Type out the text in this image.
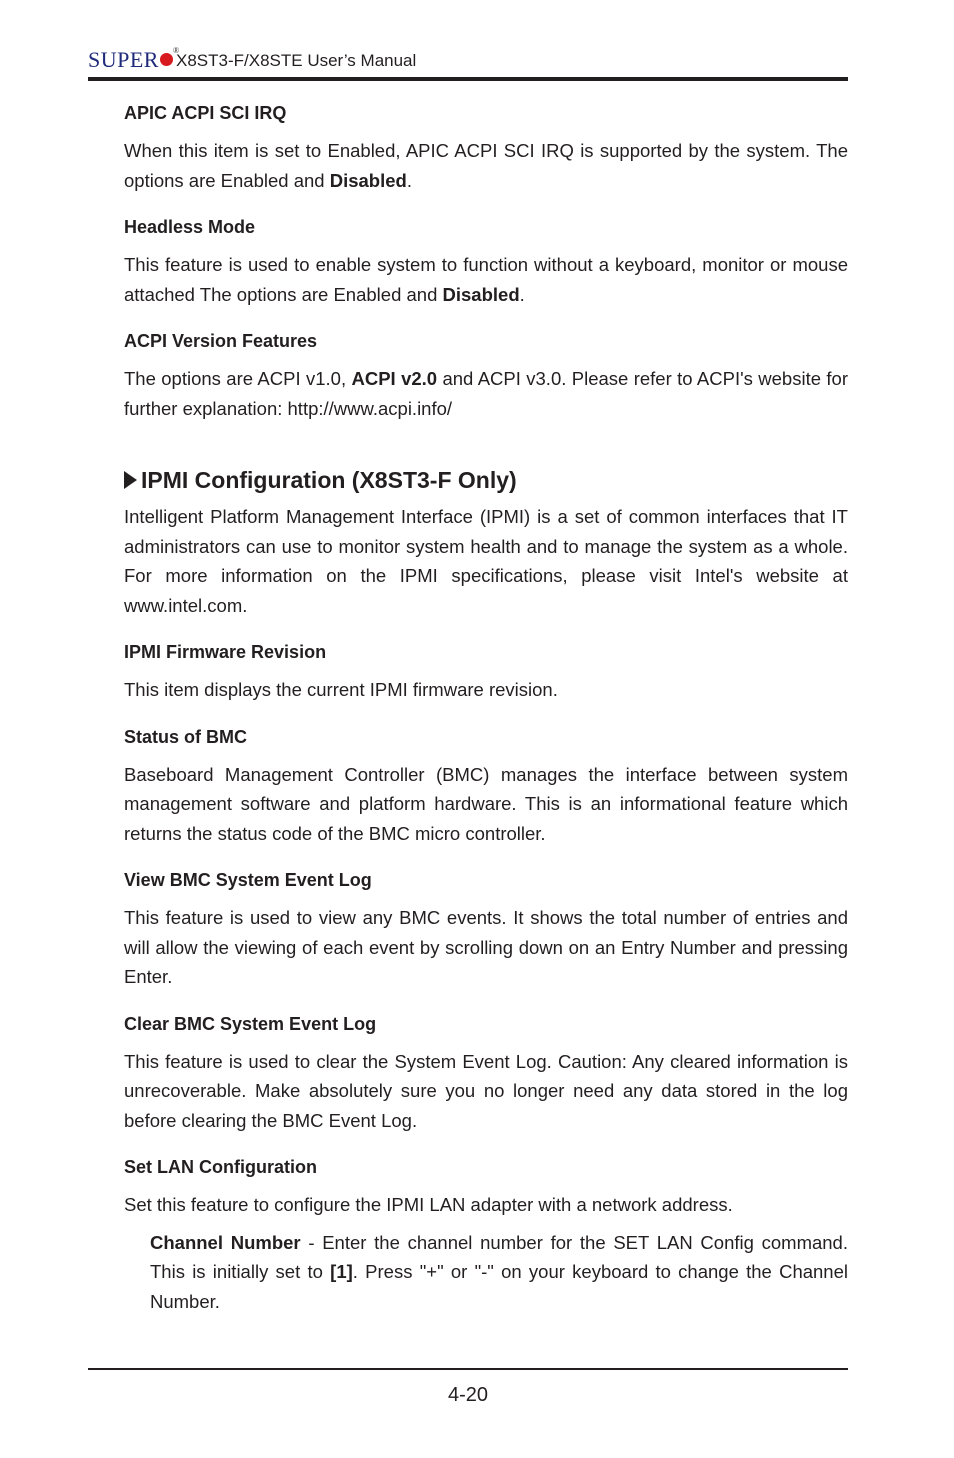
SUPER ®
X8ST3-F/X8STE User’s Manual

APIC ACPI SCI IRQ

When this item is set to Enabled, APIC ACPI SCI IRQ is supported by the system. The options are Enabled and Disabled.

Headless Mode

This feature is used to enable system to function without a keyboard, monitor or mouse attached The options are Enabled and Disabled.

ACPI Version Features

The options are ACPI v1.0, ACPI v2.0 and ACPI v3.0. Please refer to ACPI's website for further explanation: http://www.acpi.info/

IPMI Configuration (X8ST3-F Only)

Intelligent Platform Management Interface (IPMI) is a set of common interfaces that IT administrators can use to monitor system health and to manage the system as a whole. For more information on the IPMI specifications, please visit Intel's website at www.intel.com.

IPMI Firmware Revision

This item displays the current IPMI firmware revision.

Status of BMC

Baseboard Management Controller (BMC) manages the interface between system management software and platform hardware. This is an informational feature which returns the status code of the BMC micro controller.

View BMC System Event Log

This feature is used to view any BMC events. It shows the total number of entries and will allow the viewing of each event by scrolling down on an Entry Number and pressing Enter.

Clear BMC System Event Log

This feature is used to clear the System Event Log. Caution: Any cleared information is unrecoverable. Make absolutely sure you no longer need any data stored in the log before clearing the BMC Event Log.

Set LAN Configuration

Set this feature to configure the IPMI LAN adapter with a network address.

Channel Number - Enter the channel number for the SET LAN Config command. This is initially set to [1]. Press "+" or "-" on your keyboard to change the Channel Number.

4-20
